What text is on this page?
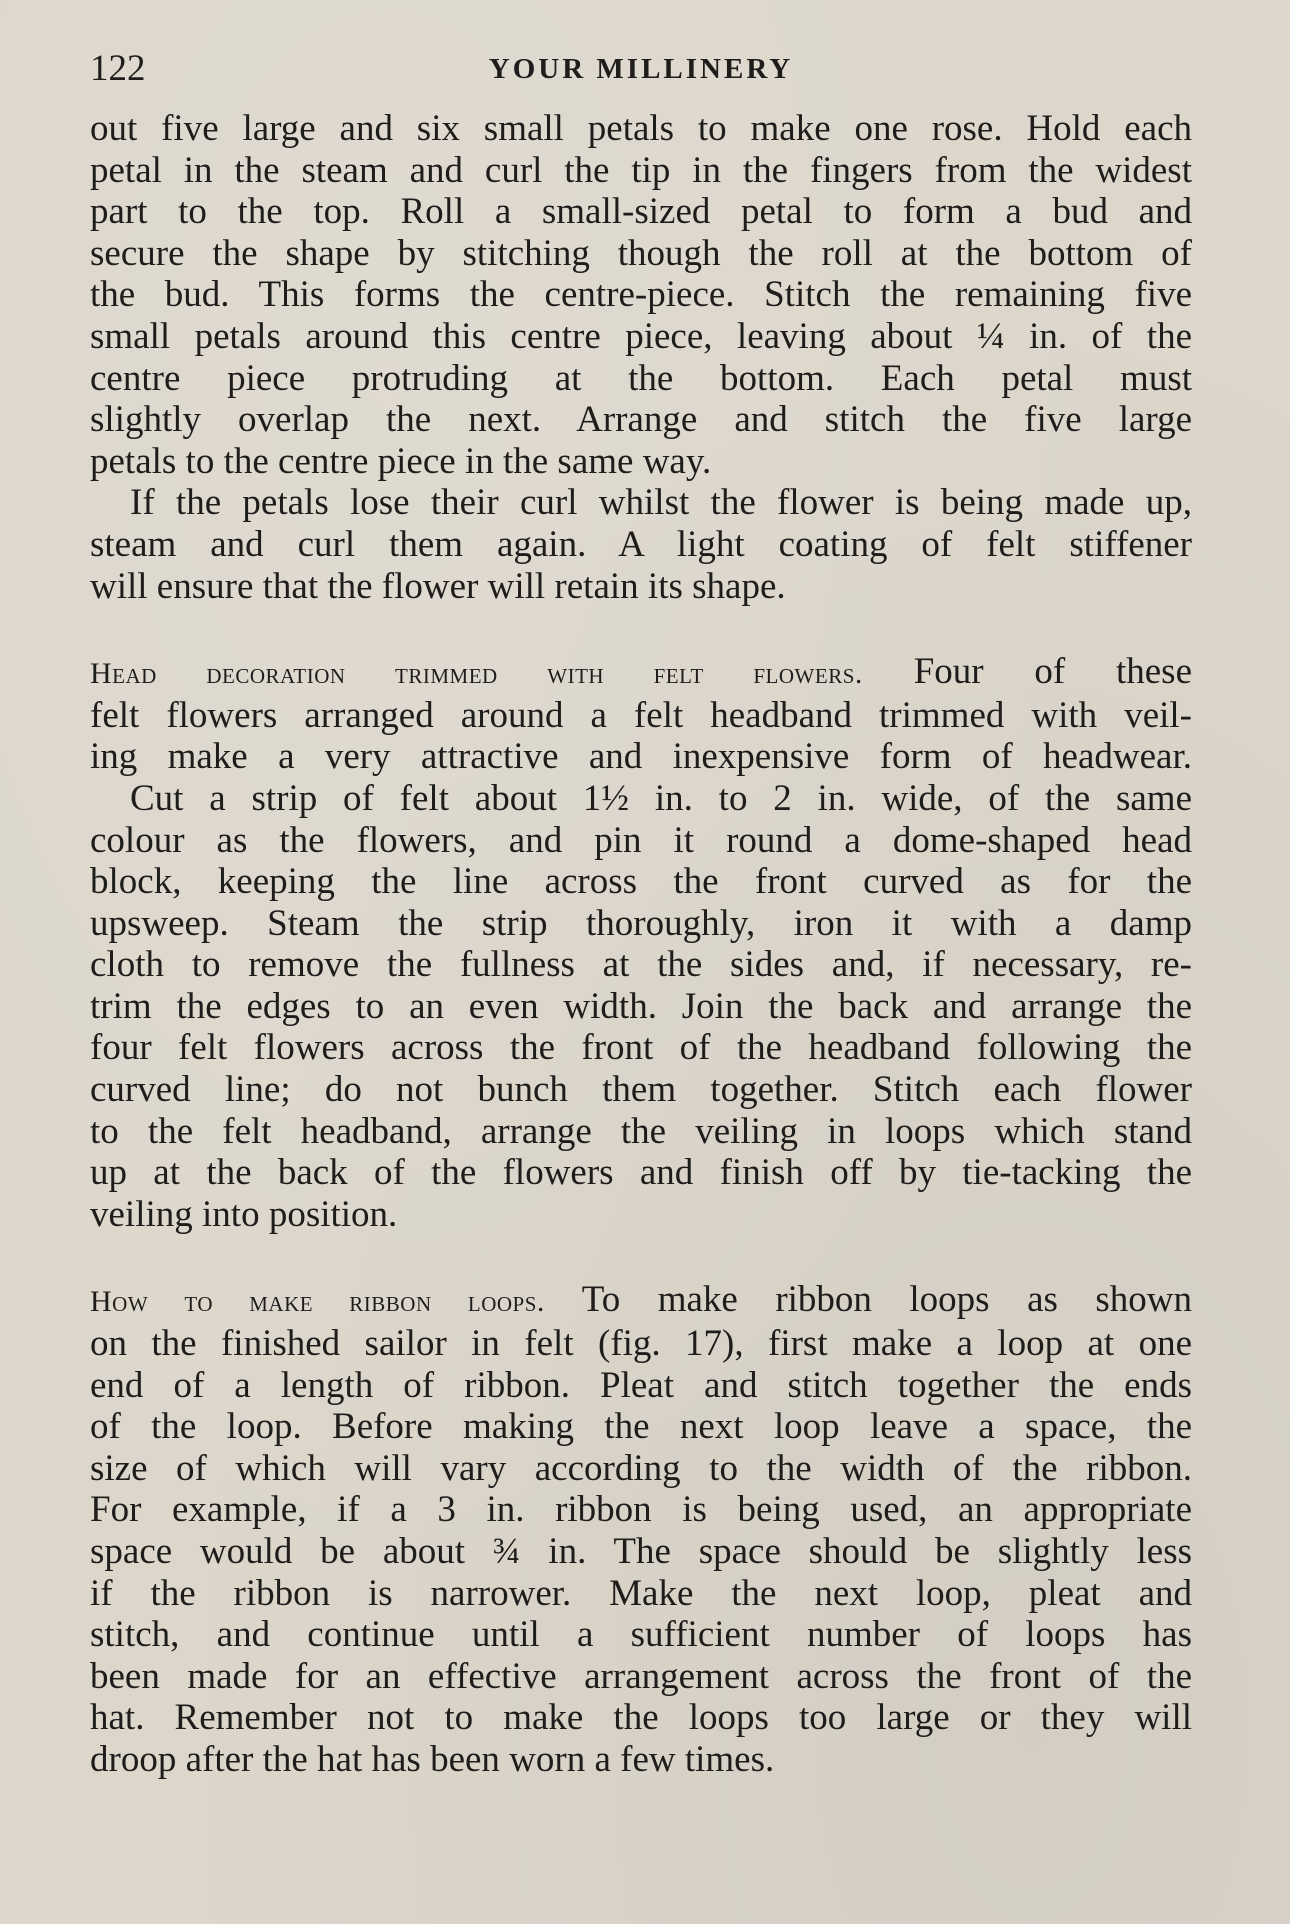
122	YOUR MILLINERY

out five large and six small petals to make one rose. Hold each
petal in the steam and curl the tip in the fingers from the widest
part to the top. Roll a small-sized petal to form a bud and
secure the shape by stitching though the roll at the bottom of
the bud. This forms the centre-piece. Stitch the remaining five
small petals around this centre piece, leaving about ¼ in. of the
centre piece protruding at the bottom. Each petal must
slightly overlap the next. Arrange and stitch the five large
petals to the centre piece in the same way.

If the petals lose their curl whilst the flower is being made up,
steam and curl them again. A light coating of felt stiffener
will ensure that the flower will retain its shape.

Head decoration trimmed with felt flowers. Four of these
felt flowers arranged around a felt headband trimmed with veil-
ing make a very attractive and inexpensive form of headwear.

Cut a strip of felt about 1½ in. to 2 in. wide, of the same
colour as the flowers, and pin it round a dome-shaped head
block, keeping the line across the front curved as for the
upsweep. Steam the strip thoroughly, iron it with a damp
cloth to remove the fullness at the sides and, if necessary, re-
trim the edges to an even width. Join the back and arrange the
four felt flowers across the front of the headband following the
curved line; do not bunch them together. Stitch each flower
to the felt headband, arrange the veiling in loops which stand
up at the back of the flowers and finish off by tie-tacking the
veiling into position.

How to make ribbon loops. To make ribbon loops as shown
on the finished sailor in felt (fig. 17), first make a loop at one
end of a length of ribbon. Pleat and stitch together the ends
of the loop. Before making the next loop leave a space, the
size of which will vary according to the width of the ribbon.
For example, if a 3 in. ribbon is being used, an appropriate
space would be about ¾ in. The space should be slightly less
if the ribbon is narrower. Make the next loop, pleat and
stitch, and continue until a sufficient number of loops has
been made for an effective arrangement across the front of the
hat. Remember not to make the loops too large or they will
droop after the hat has been worn a few times.
